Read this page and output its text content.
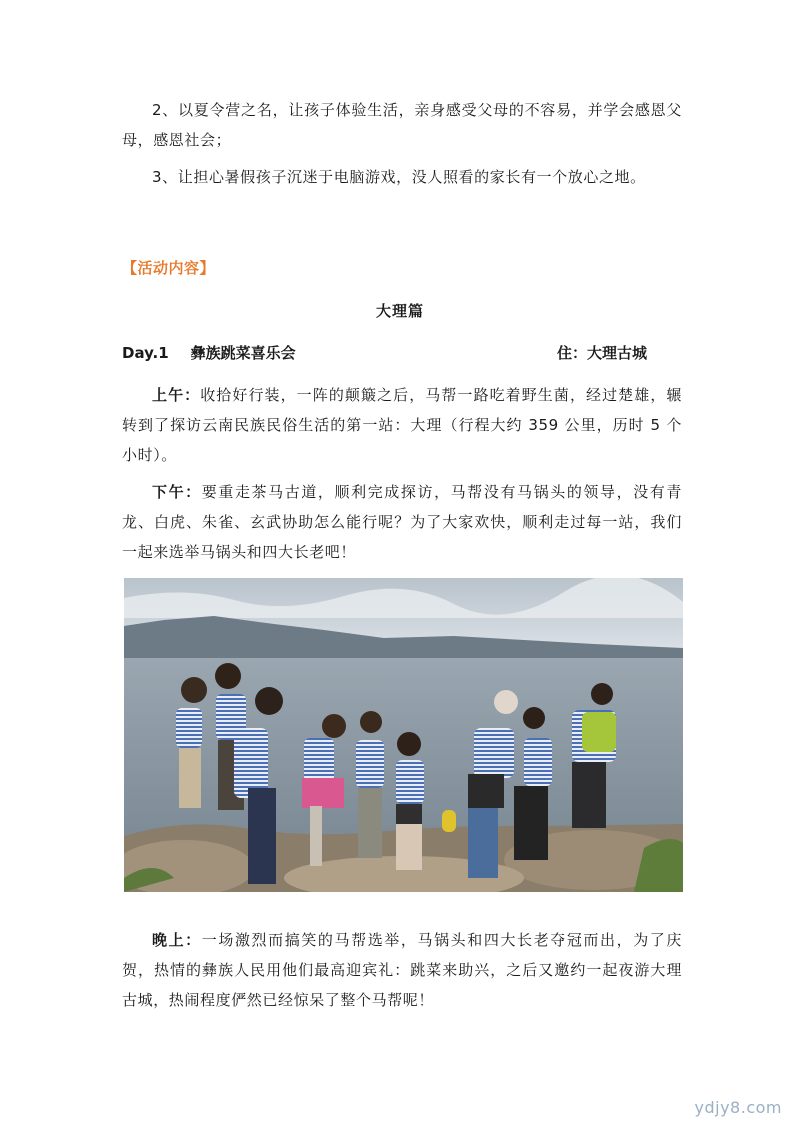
2、以夏令营之名，让孩子体验生活，亲身感受父母的不容易，并学会感恩父母，感恩社会；

3、让担心暑假孩子沉迷于电脑游戏，没人照看的家长有一个放心之地。

【活动内容】
大理篇
Day.1 彝族跳菜喜乐会	住：大理古城

上午：收拾好行装，一阵的颠簸之后，马帮一路吃着野生菌，经过楚雄，辗转到了探访云南民族民俗生活的第一站：大理（行程大约 359 公里，历时 5 个小时）。

下午：要重走茶马古道，顺利完成探访，马帮没有马锅头的领导，没有青龙、白虎、朱雀、玄武协助怎么能行呢？为了大家欢快，顺利走过每一站，我们一起来选举马锅头和四大长老吧！

晚上：一场激烈而搞笑的马帮选举，马锅头和四大长老夺冠而出，为了庆贺，热情的彝族人民用他们最高迎宾礼：跳菜来助兴，之后又邀约一起夜游大理古城，热闹程度俨然已经惊呆了整个马帮呢！

ydjy8.com
